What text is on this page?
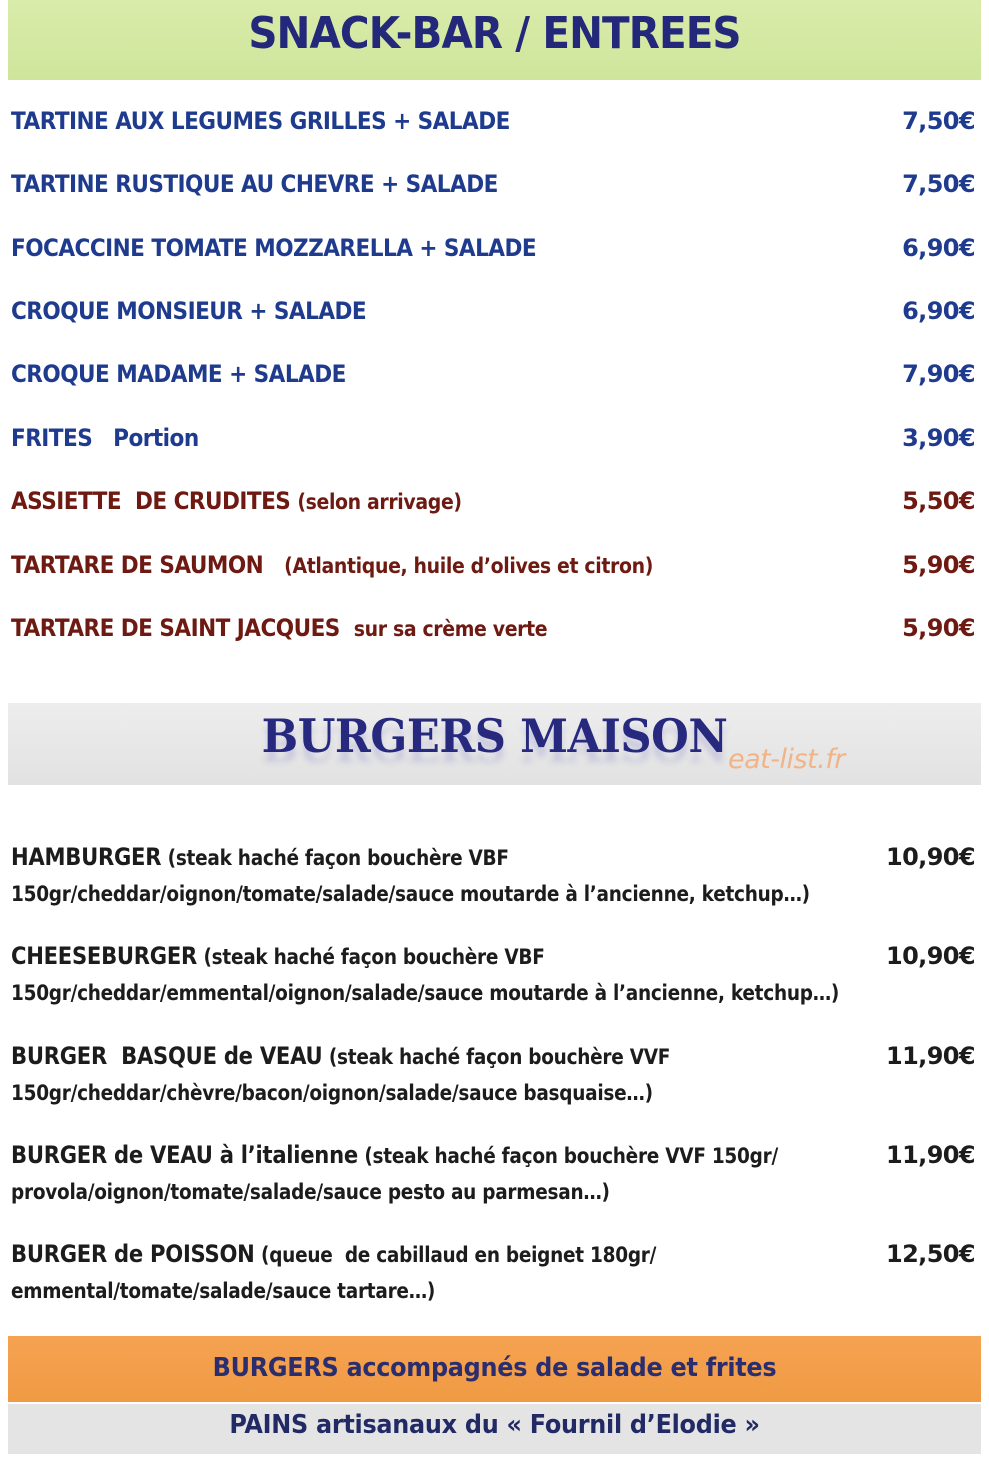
SNACK-BAR / ENTREES
TARTINE AUX LEGUMES GRILLES + SALADE	7,50€
TARTINE RUSTIQUE AU CHEVRE + SALADE	7,50€
FOCACCINE TOMATE MOZZARELLA + SALADE	6,90€
CROQUE MONSIEUR + SALADE	6,90€
CROQUE MADAME + SALADE	7,90€
FRITES   Portion	3,90€
ASSIETTE  DE CRUDITES (selon arrivage)	5,50€
TARTARE DE SAUMON (Atlantique, huile d’olives et citron)	5,90€
TARTARE DE SAINT JACQUES sur sa crème verte	5,90€
BURGERS MAISON eat-list.fr
HAMBURGER (steak haché façon bouchère VBF
150gr/cheddar/oignon/tomate/salade/sauce moutarde à l’ancienne, ketchup…)
10,90€
CHEESEBURGER (steak haché façon bouchère VBF
150gr/cheddar/emmental/oignon/salade/sauce moutarde à l’ancienne, ketchup…)
10,90€
BURGER  BASQUE de VEAU (steak haché façon bouchère VVF
150gr/cheddar/chèvre/bacon/oignon/salade/sauce basquaise…)
11,90€
BURGER de VEAU à l’italienne (steak haché façon bouchère VVF 150gr/
provola/oignon/tomate/salade/sauce pesto au parmesan…)
11,90€
BURGER de POISSON (queue  de cabillaud en beignet 180gr/
emmental/tomate/salade/sauce tartare…)
12,50€
BURGERS accompagnés de salade et frites
PAINS artisanaux du « Fournil d’Elodie »
